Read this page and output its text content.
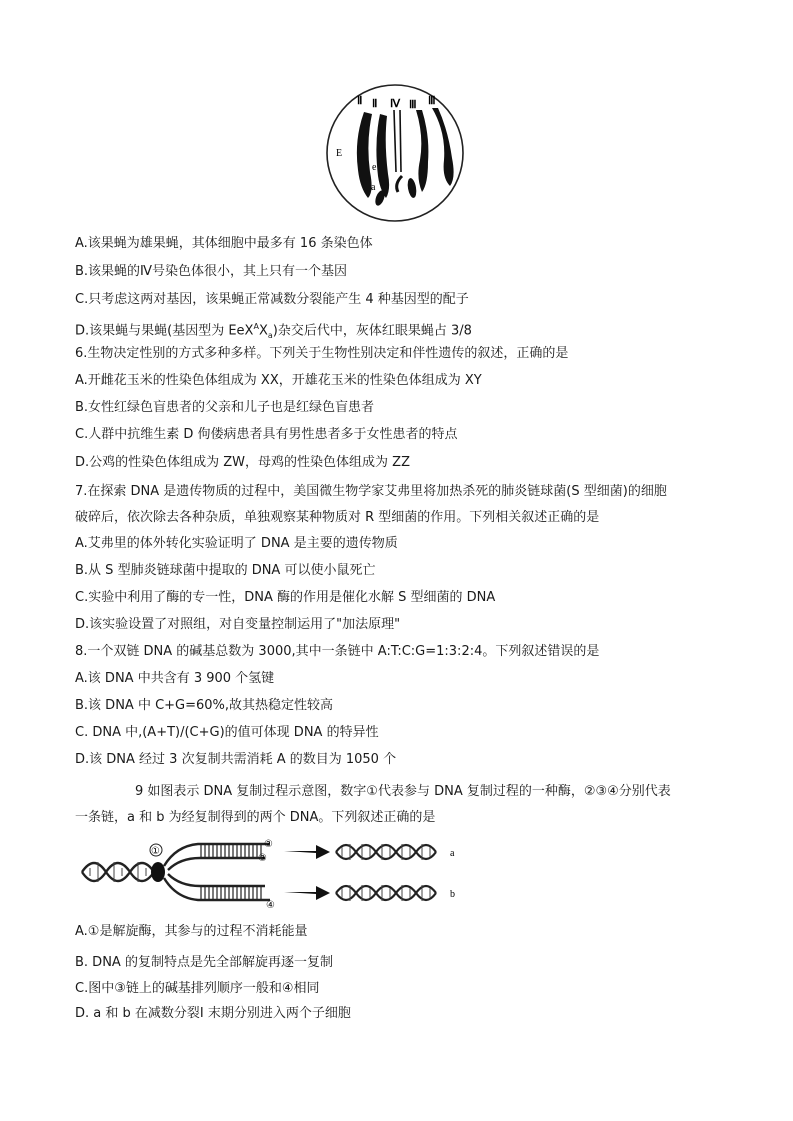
Ⅱ Ⅱ Ⅳ Ⅲ Ⅲ
E
e
a
A.该果蝇为雄果蝇，其体细胞中最多有 16 条染色体
B.该果蝇的Ⅳ号染色体很小，其上只有一个基因
C.只考虑这两对基因，该果蝇正常减数分裂能产生 4 种基因型的配子
D.该果蝇与果蝇(基因型为 $EeX^AX_a$)杂交后代中，灰体红眼果蝇占 3/8
6.生物决定性别的方式多种多样。下列关于生物性别决定和伴性遗传的叙述，正确的是
A.开雌花玉米的性染色体组成为 XX，开雄花玉米的性染色体组成为 XY
B.女性红绿色盲患者的父亲和儿子也是红绿色盲患者
C.人群中抗维生素 D 佝偻病患者具有男性患者多于女性患者的特点
D.公鸡的性染色体组成为 ZW，母鸡的性染色体组成为 ZZ
7.在探索 DNA 是遗传物质的过程中，美国微生物学家艾弗里将加热杀死的肺炎链球菌(S 型细菌)的细胞
破碎后，依次除去各种杂质，单独观察某种物质对 R 型细菌的作用。下列相关叙述正确的是
A.艾弗里的体外转化实验证明了 DNA 是主要的遗传物质
B.从 S 型肺炎链球菌中提取的 DNA 可以使小鼠死亡
C.实验中利用了酶的专一性，DNA 酶的作用是催化水解 S 型细菌的 DNA
D.该实验设置了对照组，对自变量控制运用了"加法原理"
8.一个双链 DNA 的碱基总数为 3000,其中一条链中 A:T:C:G=1:3:2:4。下列叙述错误的是
A.该 DNA 中共含有 3 900 个氢键
B.该 DNA 中 C+G=60%,故其热稳定性较高
C. DNA 中,(A+T)/(C+G)的值可体现 DNA 的特异性
D.该 DNA 经过 3 次复制共需消耗 A 的数目为 1050 个
9 如图表示 DNA 复制过程示意图，数字①代表参与 DNA 复制过程的一种酶，②③④分别代表
一条链，a 和 b 为经复制得到的两个 DNA。下列叙述正确的是
①
②
③
④
a
b
A.①是解旋酶，其参与的过程不消耗能量
B. DNA 的复制特点是先全部解旋再逐一复制
C.图中③链上的碱基排列顺序一般和④相同
D. a 和 b 在减数分裂Ⅰ 末期分别进入两个子细胞
